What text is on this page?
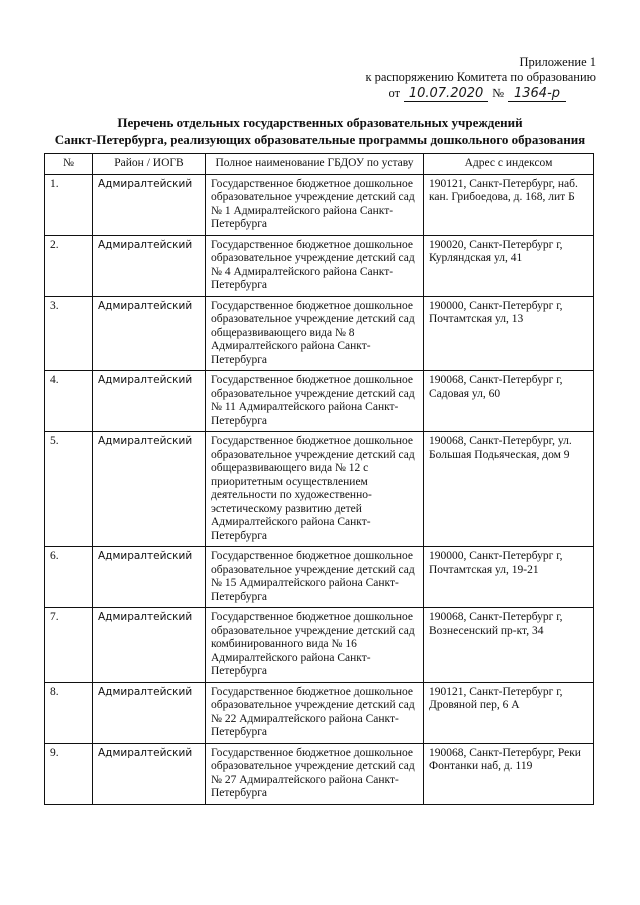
Приложение 1
к распоряжению Комитета по образованию
от 10.07.2020 № 1364-р
Перечень отдельных государственных образовательных учреждений
Санкт-Петербурга, реализующих образовательные программы дошкольного образования
№	Район / ИОГВ	Полное наименование ГБДОУ по уставу	Адрес с индексом
1.	Адмиралтейский	Государственное бюджетное дошкольное образовательное учреждение детский сад № 1 Адмиралтейского района Санкт-Петербурга	190121, Санкт-Петербург, наб. кан. Грибоедова, д. 168, лит Б
2.	Адмиралтейский	Государственное бюджетное дошкольное образовательное учреждение детский сад № 4 Адмиралтейского района Санкт-Петербурга	190020, Санкт-Петербург г, Курляндская ул, 41
3.	Адмиралтейский	Государственное бюджетное дошкольное образовательное учреждение детский сад общеразвивающего вида № 8 Адмиралтейского района Санкт-Петербурга	190000, Санкт-Петербург г, Почтамтская ул, 13
4.	Адмиралтейский	Государственное бюджетное дошкольное образовательное учреждение детский сад № 11 Адмиралтейского района Санкт-Петербурга	190068, Санкт-Петербург г, Садовая ул, 60
5.	Адмиралтейский	Государственное бюджетное дошкольное образовательное учреждение детский сад общеразвивающего вида № 12 с приоритетным осуществлением деятельности по художественно-эстетическому развитию детей Адмиралтейского района Санкт-Петербурга	190068, Санкт-Петербург, ул. Большая Подьяческая, дом 9
6.	Адмиралтейский	Государственное бюджетное дошкольное образовательное учреждение детский сад № 15 Адмиралтейского района Санкт-Петербурга	190000, Санкт-Петербург г, Почтамтская ул, 19-21
7.	Адмиралтейский	Государственное бюджетное дошкольное образовательное учреждение детский сад комбинированного вида № 16 Адмиралтейского района Санкт-Петербурга	190068, Санкт-Петербург г, Вознесенский пр-кт, 34
8.	Адмиралтейский	Государственное бюджетное дошкольное образовательное учреждение детский сад № 22 Адмиралтейского района Санкт-Петербурга	190121, Санкт-Петербург г, Дровяной пер, 6 А
9.	Адмиралтейский	Государственное бюджетное дошкольное образовательное учреждение детский сад № 27 Адмиралтейского района Санкт-Петербурга	190068, Санкт-Петербург, Реки Фонтанки наб, д. 119
